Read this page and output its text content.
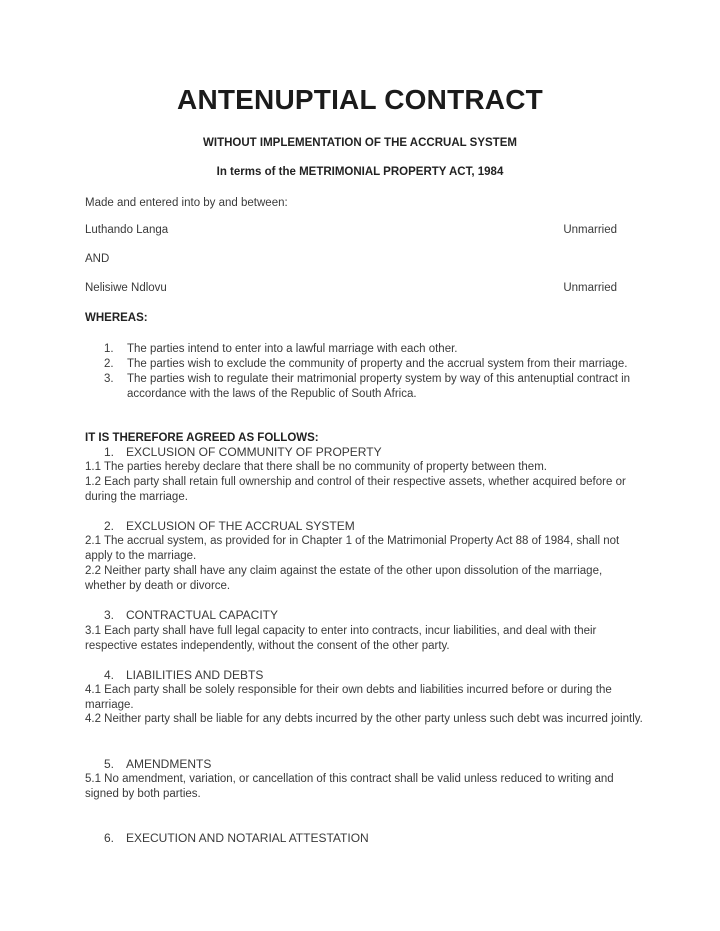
ANTENUPTIAL CONTRACT
WITHOUT IMPLEMENTATION OF THE ACCRUAL SYSTEM
In terms of the METRIMONIAL PROPERTY ACT, 1984
Made and entered into by and between:
Luthando Langa	Unmarried
AND
Nelisiwe Ndlovu	Unmarried
WHEREAS:
1.	The parties intend to enter into a lawful marriage with each other.
2.	The parties wish to exclude the community of property and the accrual system from their marriage.
3.	The parties wish to regulate their matrimonial property system by way of this antenuptial contract in accordance with the laws of the Republic of South Africa.
IT IS THEREFORE AGREED AS FOLLOWS:
1. EXCLUSION OF COMMUNITY OF PROPERTY
1.1 The parties hereby declare that there shall be no community of property between them.
1.2 Each party shall retain full ownership and control of their respective assets, whether acquired before or during the marriage.
2. EXCLUSION OF THE ACCRUAL SYSTEM
2.1 The accrual system, as provided for in Chapter 1 of the Matrimonial Property Act 88 of 1984, shall not apply to the marriage.
2.2 Neither party shall have any claim against the estate of the other upon dissolution of the marriage, whether by death or divorce.
3. CONTRACTUAL CAPACITY
3.1 Each party shall have full legal capacity to enter into contracts, incur liabilities, and deal with their respective estates independently, without the consent of the other party.
4. LIABILITIES AND DEBTS
4.1 Each party shall be solely responsible for their own debts and liabilities incurred before or during the marriage.
4.2 Neither party shall be liable for any debts incurred by the other party unless such debt was incurred jointly.
5. AMENDMENTS
5.1 No amendment, variation, or cancellation of this contract shall be valid unless reduced to writing and signed by both parties.
6. EXECUTION AND NOTARIAL ATTESTATION
